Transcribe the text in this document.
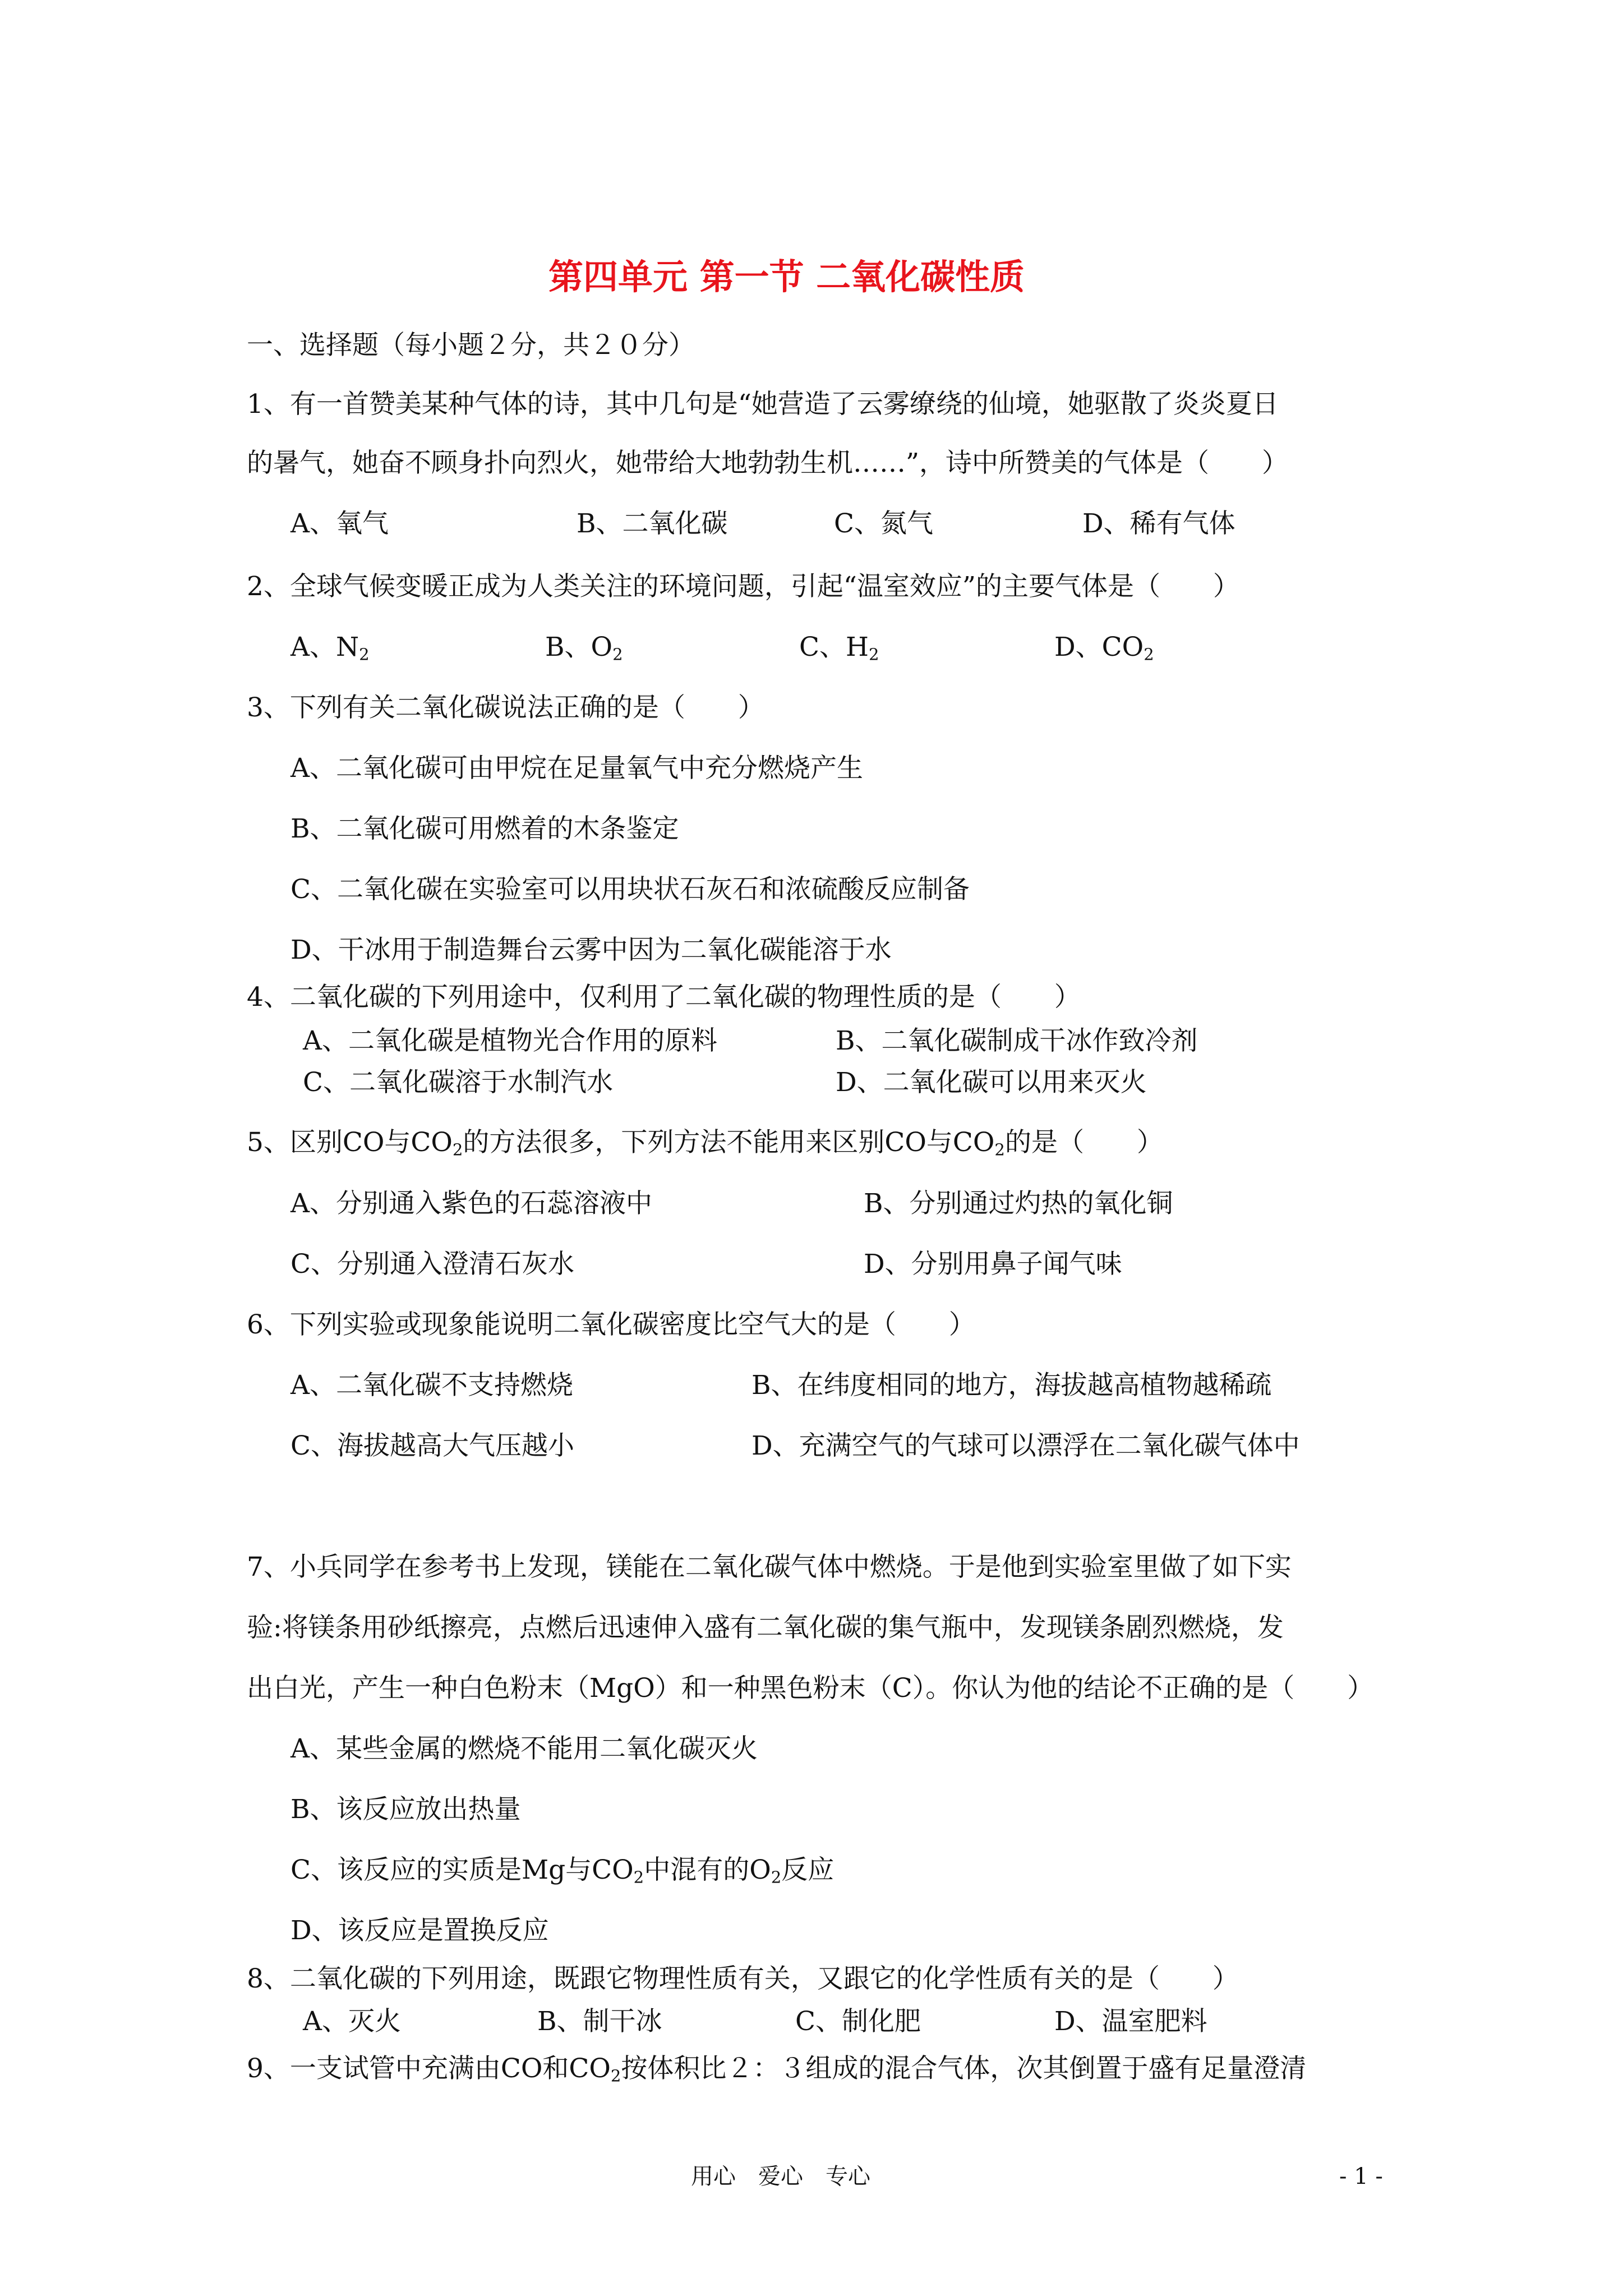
第四单元 第一节 二氧化碳性质
一、选择题（每小题２分，共２０分）
1、有一首赞美某种气体的诗，其中几句是“她营造了云雾缭绕的仙境，她驱散了炎炎夏日
的暑气，她奋不顾身扑向烈火，她带给大地勃勃生机……”，诗中所赞美的气体是（　　）
A、氧气	B、二氧化碳	C、氮气	D、稀有气体
2、全球气候变暖正成为人类关注的环境问题，引起“温室效应”的主要气体是（　　）
A、$N_2$	B、$O_2$	C、$H_2$	D、$CO_2$
3、下列有关二氧化碳说法正确的是（　　）
A、二氧化碳可由甲烷在足量氧气中充分燃烧产生
B、二氧化碳可用燃着的木条鉴定
C、二氧化碳在实验室可以用块状石灰石和浓硫酸反应制备
D、干冰用于制造舞台云雾中因为二氧化碳能溶于水
4、二氧化碳的下列用途中，仅利用了二氧化碳的物理性质的是（　　）
A、二氧化碳是植物光合作用的原料	B、二氧化碳制成干冰作致冷剂
C、二氧化碳溶于水制汽水	D、二氧化碳可以用来灭火
5、区别CO与$CO_2$的方法很多，下列方法不能用来区别CO与$CO_2$的是（　　）
A、分别通入紫色的石蕊溶液中	B、分别通过灼热的氧化铜
C、分别通入澄清石灰水	D、分别用鼻子闻气味
6、下列实验或现象能说明二氧化碳密度比空气大的是（　　）
A、二氧化碳不支持燃烧	B、在纬度相同的地方，海拔越高植物越稀疏
C、海拔越高大气压越小	D、充满空气的气球可以漂浮在二氧化碳气体中
7、小兵同学在参考书上发现，镁能在二氧化碳气体中燃烧。于是他到实验室里做了如下实
验:将镁条用砂纸擦亮，点燃后迅速伸入盛有二氧化碳的集气瓶中，发现镁条剧烈燃烧，发
出白光，产生一种白色粉末（MgO）和一种黑色粉末（C）。你认为他的结论不正确的是（　　）
A、某些金属的燃烧不能用二氧化碳灭火
B、该反应放出热量
C、该反应的实质是Mg与$CO_2$中混有的$O_2$反应
D、该反应是置换反应
8、二氧化碳的下列用途，既跟它物理性质有关，又跟它的化学性质有关的是（　　）
A、灭火	B、制干冰	C、制化肥	D、温室肥料
9、一支试管中充满由CO和$CO_2$按体积比２：３组成的混合气体，次其倒置于盛有足量澄清
用心　爱心　专心	- 1 -
